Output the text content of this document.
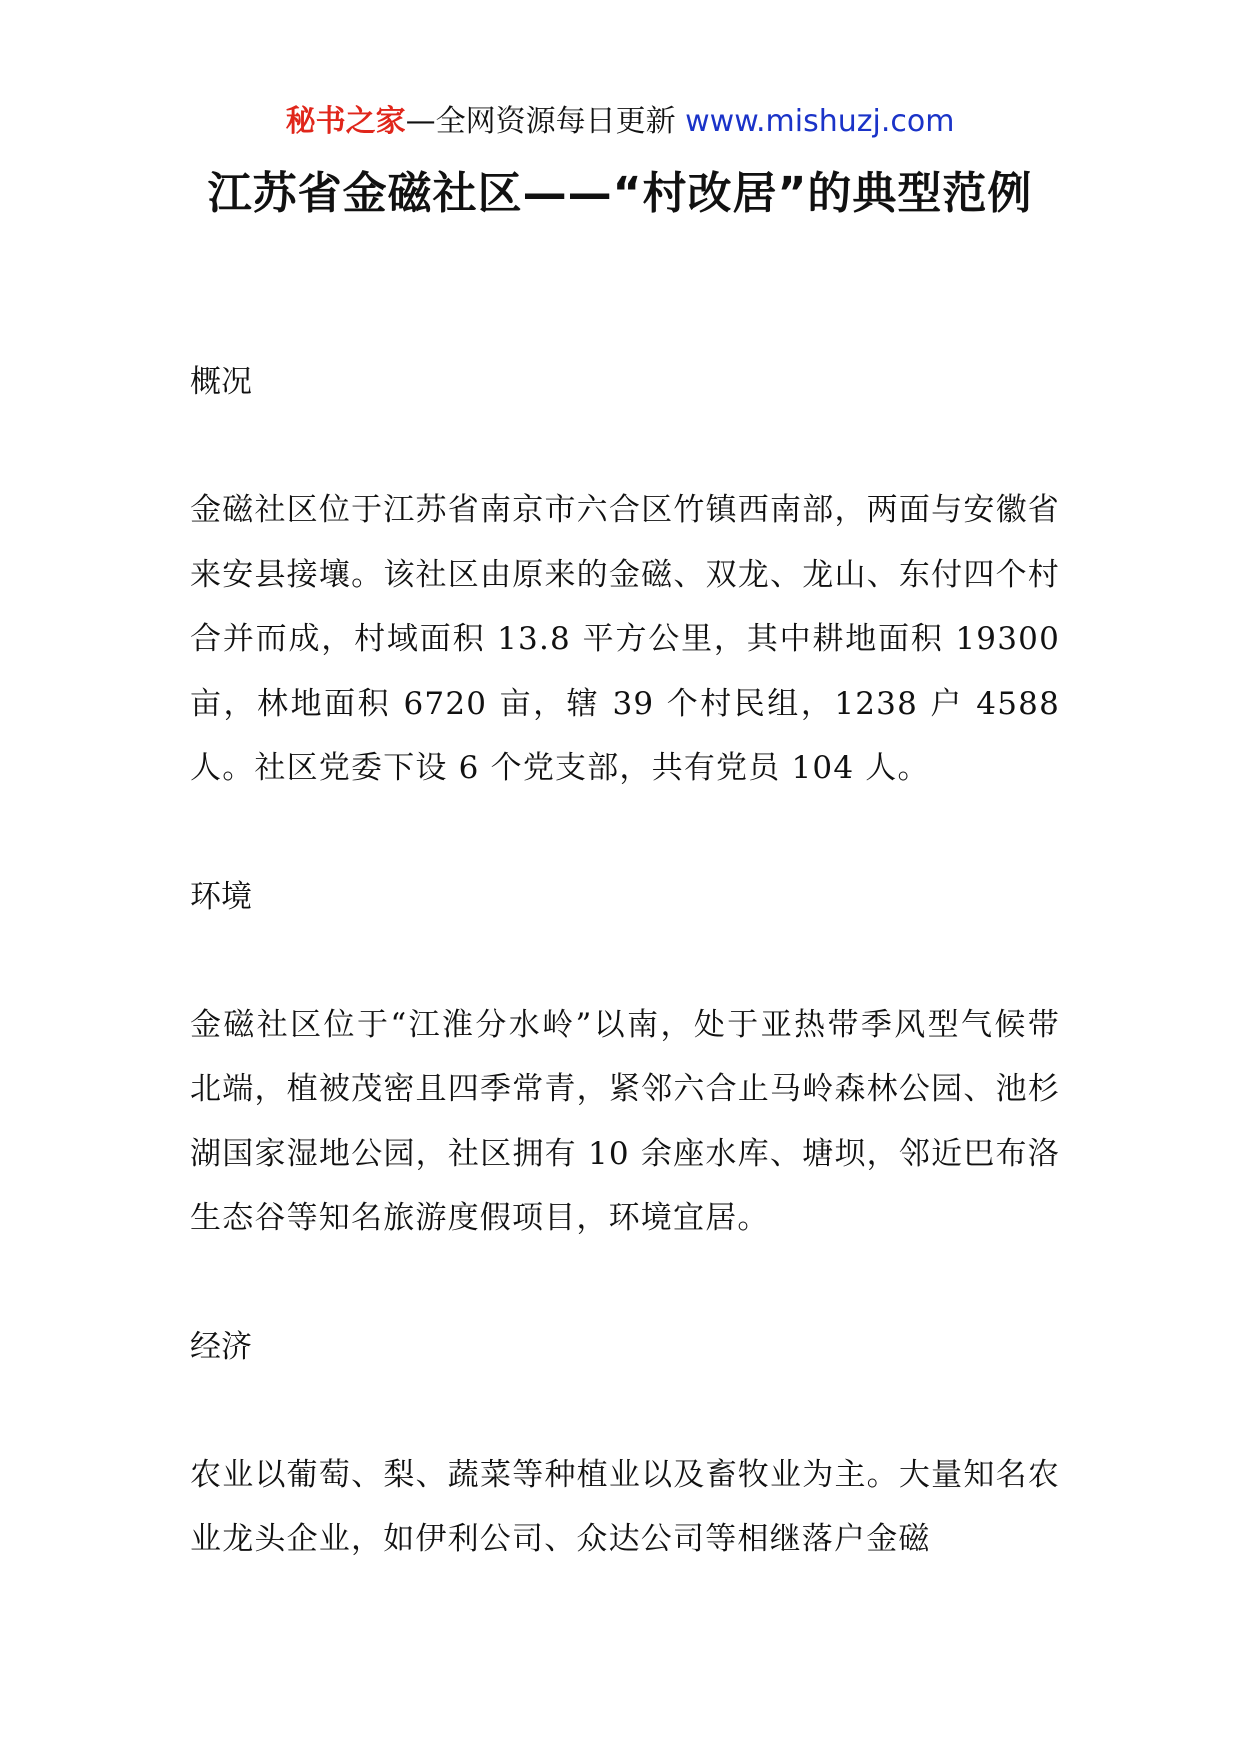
秘书之家—全网资源每日更新 www.mishuzj.com
江苏省金磁社区——“村改居”的典型范例

概况

金磁社区位于江苏省南京市六合区竹镇西南部，两面与安徽省来安县接壤。该社区由原来的金磁、双龙、龙山、东付四个村合并而成，村域面积 13.8 平方公里，其中耕地面积 19300 亩，林地面积 6720 亩，辖 39 个村民组，1238 户 4588 人。社区党委下设 6 个党支部，共有党员 104 人。

环境

金磁社区位于“江淮分水岭”以南，处于亚热带季风型气候带北端，植被茂密且四季常青，紧邻六合止马岭森林公园、池杉湖国家湿地公园，社区拥有 10 余座水库、塘坝，邻近巴布洛生态谷等知名旅游度假项目，环境宜居。

经济

农业以葡萄、梨、蔬菜等种植业以及畜牧业为主。大量知名农业龙头企业，如伊利公司、众达公司等相继落户金磁
